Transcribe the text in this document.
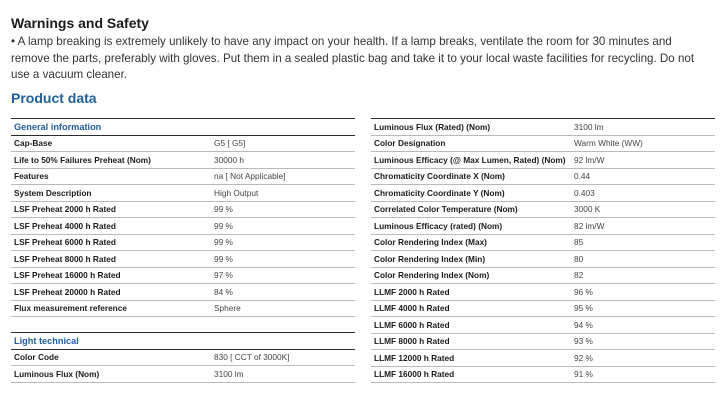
Warnings and Safety
• A lamp breaking is extremely unlikely to have any impact on your health. If a lamp breaks, ventilate the room for 30 minutes and remove the parts, preferably with gloves. Put them in a sealed plastic bag and take it to your local waste facilities for recycling. Do not use a vacuum cleaner.
Product data
General information	
Cap-Base	G5 [ G5]
Life to 50% Failures Preheat (Nom)	30000 h
Features	na [ Not Applicable]
System Description	High Output
LSF Preheat 2000 h Rated	99 %
LSF Preheat 4000 h Rated	99 %
LSF Preheat 6000 h Rated	99 %
LSF Preheat 8000 h Rated	99 %
LSF Preheat 16000 h Rated	97 %
LSF Preheat 20000 h Rated	84 %
Flux measurement reference	Sphere
Light technical	
Color Code	830 [ CCT of 3000K]
Luminous Flux (Nom)	3100 lm
Luminous Flux (Rated) (Nom)	3100 lm
Color Designation	Warm White (WW)
Luminous Efficacy (@ Max Lumen, Rated) (Nom)	92 lm/W
Chromaticity Coordinate X (Nom)	0.44
Chromaticity Coordinate Y (Nom)	0.403
Correlated Color Temperature (Nom)	3000 K
Luminous Efficacy (rated) (Nom)	82 lm/W
Color Rendering Index (Max)	85
Color Rendering Index (Min)	80
Color Rendering Index (Nom)	82
LLMF 2000 h Rated	96 %
LLMF 4000 h Rated	95 %
LLMF 6000 h Rated	94 %
LLMF 8000 h Rated	93 %
LLMF 12000 h Rated	92 %
LLMF 16000 h Rated	91 %
